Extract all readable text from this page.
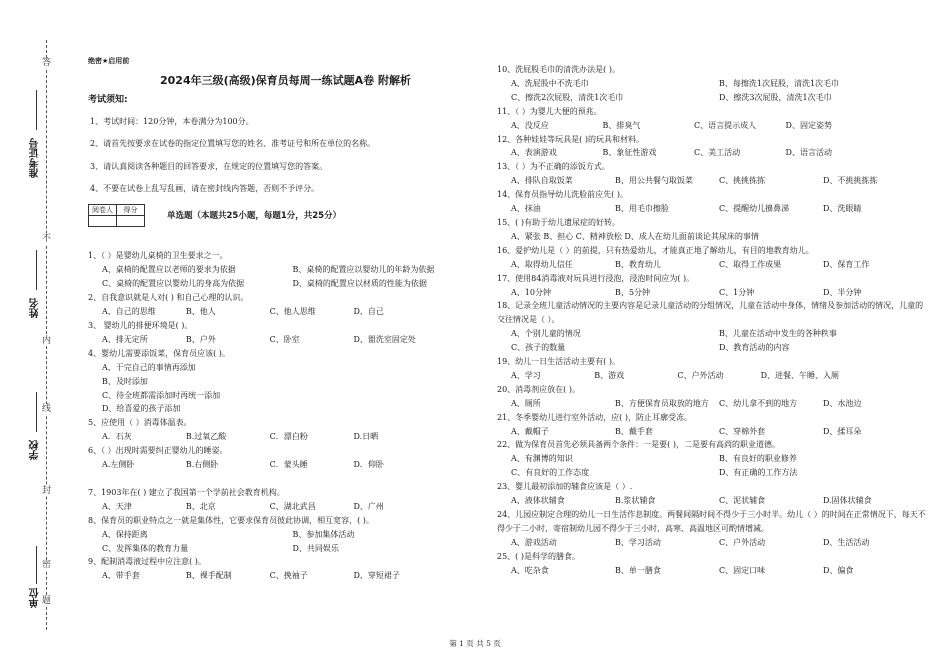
答
不
内
线
封
密
题
准考证号
姓名
学校
单位
绝密★启用前
2024年三级(高级)保育员每周一练试题A卷 附解析
考试须知:
1、考试时间：120分钟，本卷满分为100分。
2、请首先按要求在试卷的指定位置填写您的姓名、准考证号和所在单位的名称。
3、请认真阅读各种题目的回答要求，在规定的位置填写您的答案。
4、不要在试卷上乱写乱画，请在密封线内答题，否则不予评分。
阅卷人	得分

单选题（本题共25小题，每题1分，共25分）
1、（ ）是婴幼儿桌椅的卫生要求之一。
A、桌椅的配置应以老师的要求为依据	B、桌椅的配置应以婴幼儿的年龄为依据
C、桌椅的配置应以婴幼儿的身高为依据	D、桌椅的配置应以材质的性能为依据
2、自我意识就是人对( ) 和自己心理的认识。
A、自己的思维	B、他人	C、他人思维	D、自己
3、 婴幼儿的排便环境是( )。
A、排无定所	B、户外	C、卧室	D、盥洗室固定处
4、婴幼儿需要添饭菜，保育员应该( )。
A、干完自己的事情再添加
B、及时添加
C、待全班都需添加时再统一添加
D、给喜爱的孩子添加
5、应使用（ ）消毒体温表。
A．石灰	B.过氧乙酸	C．漂白粉	D.日晒
6、（ ）出现时需要纠正婴幼儿的睡姿。
A.左侧卧	B.右侧卧	C．蒙头睡	D．仰卧
7、1903年在( ) 建立了我国第一个学前社会教育机构。
A、天津	B、北京	C、湖北武昌	D、广州
8、保育员的职业特点之一就是集体性，它要求保育员彼此协调，相互宽容，( )。
A、保持距离	B、参加集体活动
C、发挥集体的教育力量	D、共同娱乐
9、配制消毒液过程中应注意( )。
A、带手套	B、裸手配制	C、挽袖子	D、穿短裙子
10、洗屁股毛巾的清洗办法是( )。
A、洗屁股中不洗毛巾	B、每擦洗1次屁股，清洗1次毛巾
C、擦洗2次屁股，清洗1次毛巾	D、擦洗3次屁股，清洗1次毛巾
11、（ ）为婴儿大便的预兆。
A、没反应	B、排臭气	C、语言提示成人	D、固定姿势
12、各种娃娃等玩具是( )的玩具和材料。
A、表演游戏	B、象征性游戏	C、美工活动	D、语言活动
13、（ ）为不正确的添饭方式。
A、排队自取饭菜	B、用公共餐勺取饭菜	C、挑挑拣拣	D、不挑挑拣拣
14、保育员指导幼儿洗脸前应先( )。
A、抹油	B、用毛巾擦脸	C、提醒幼儿擤鼻涕	D、洗眼睛
15、( )有助于幼儿遗尿症的好转。
A、紧张 B、担心 C、精神放松 D、成人在幼儿面前谈论其尿床的事情
16、爱护幼儿是（ ）的前提，只有热爱幼儿，才能真正地了解幼儿，有目的地教育幼儿。
A、取得幼儿信任	B、教育幼儿	C、取得工作成果	D、保育工作
17、使用84消毒液对玩具进行浸泡，浸泡时间应为( )。
A、10分钟	B、5分钟	C、1分钟	D、半分钟
18、记录全班儿童活动情况的主要内容是记录儿童活动的分组情况，儿童在活动中身体，情绪及参加活动的情况，儿童的交往情况是（ ）。
A、个别儿童的情况	B、儿童在活动中发生的各种秩事
C、孩子的数量	D、教育活动的内容
19、幼儿一日生活活动主要有( )。
A、学习	B、游戏	C、户外活动	D、进餐、午睡、入厕
20、消毒剂应放在( )。
A、厕所	B、方便保育员取放的地方	C、幼儿拿不到的地方	D、水池边
21、冬季婴幼儿进行室外活动，应( )，防止耳廓受冻。
A、戴帽子	B、戴手套	C、穿棉外套	D、揉耳朵
22、做为保育员首先必须具备两个条件：一是要( )，二是要有高尚的职业道德。
A、有渊博的知识	B、有良好的职业修养
C、有良好的工作态度	D、有正确的工作方法
23、婴儿最初添加的辅食应该是（ ）.
A、液体状辅食	B.浆状辅食	C、泥状辅食	D.固体状辅食
24、儿园应制定合理的幼儿一日生活作息制度。两餐间隔时间不得少于三小时半。幼儿（ ）的时间在正常情况下，每天不得少于二小时，寄宿制幼儿园不得少于三小时，高寒、高温地区可酌情增减。
A、游戏活动	B、学习活动	C、户外活动	D、生活活动
25、( )是科学的膳食。
A、吃杂食	B、单一膳食	C、固定口味	D、偏食
第 1 页 共 5 页
